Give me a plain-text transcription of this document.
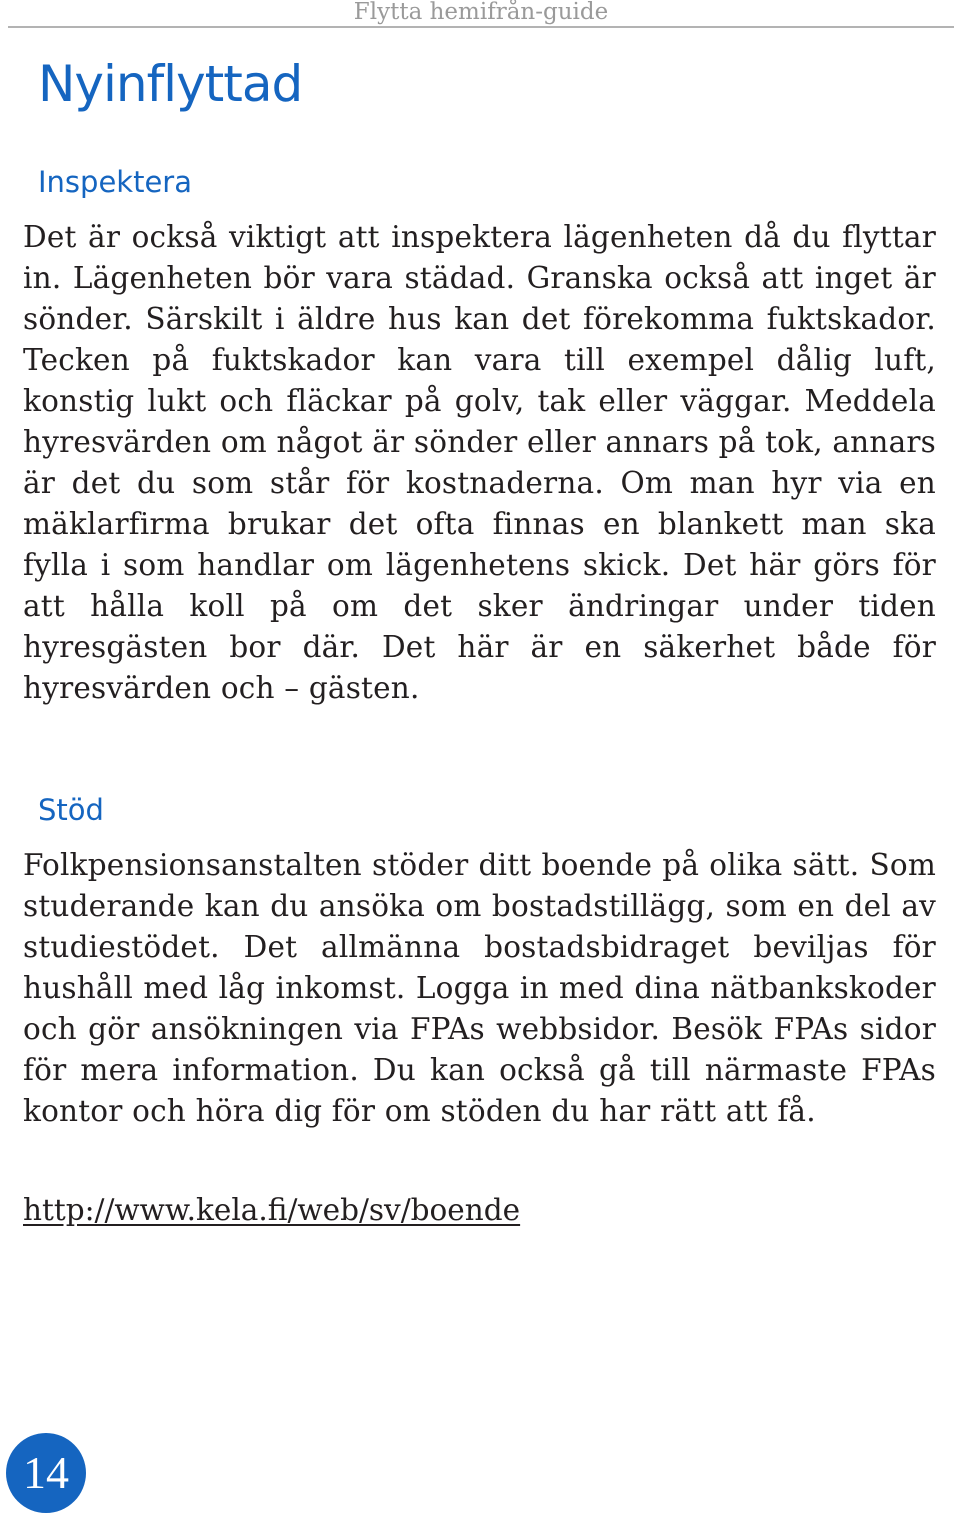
Flytta hemifrån-guide
Nyinflyttad
Inspektera

Det är också viktigt att inspektera lägenheten då du flyttar in. Lägenheten bör vara städad. Granska också att inget är sönder. Särskilt i äldre hus kan det förekomma fuktskador. Tecken på fuktskador kan vara till exempel dålig luft, konstig lukt och fläckar på golv, tak eller väggar. Meddela hyresvärden om något är sönder eller annars på tok, annars är det du som står för kostnaderna. Om man hyr via en mäklarfirma brukar det ofta finnas en blankett man ska fylla i som handlar om lägenhetens skick. Det här görs för att hålla koll på om det sker ändringar under tiden hyresgästen bor där. Det här är en säkerhet både för hyresvärden och – gästen.

Stöd

Folkpensionsanstalten stöder ditt boende på olika sätt. Som studerande kan du ansöka om bostadstillägg, som en del av studiestödet. Det allmänna bostadsbidraget beviljas för hushåll med låg inkomst. Logga in med dina nätbankskoder och gör ansökningen via FPAs webbsidor. Besök FPAs sidor för mera information. Du kan också gå till närmaste FPAs kontor och höra dig för om stöden du har rätt att få.

http://www.kela.fi/web/sv/boende
14
